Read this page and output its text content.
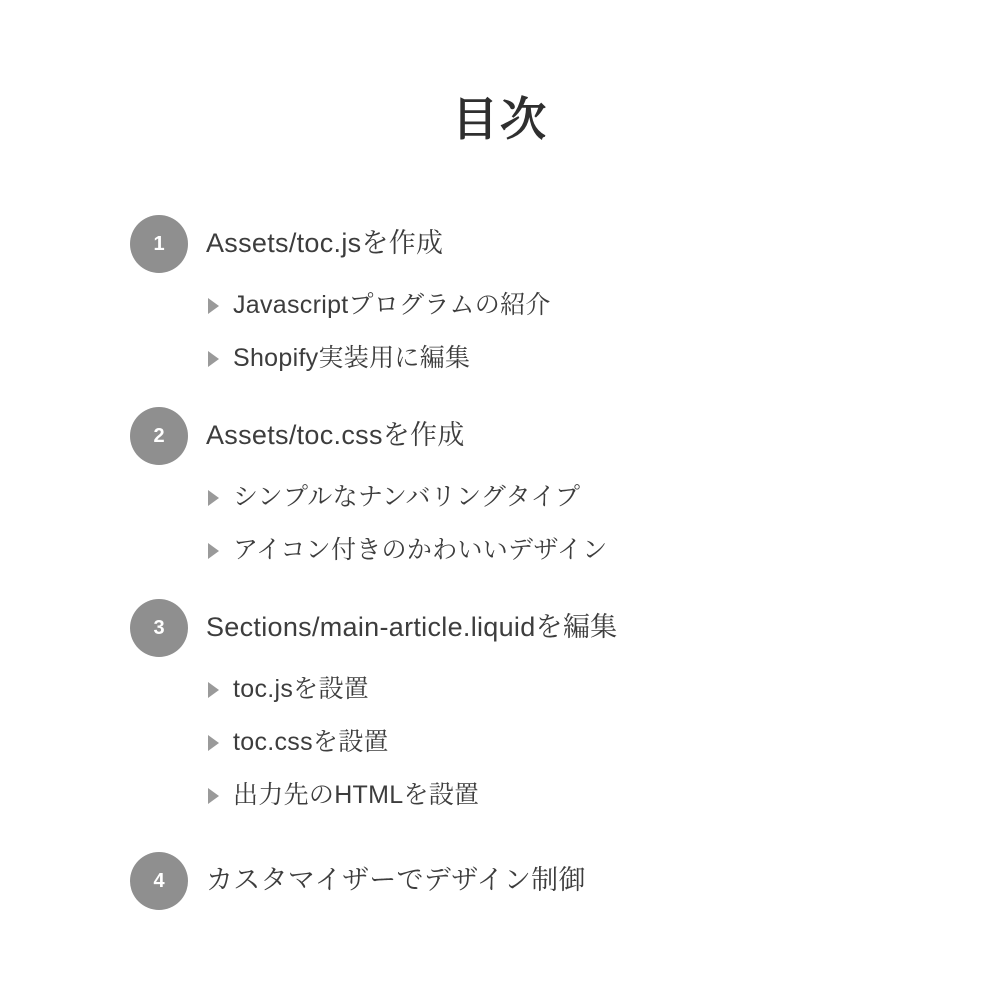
目次
1	Assets/toc.jsを作成
Javascriptプログラムの紹介
Shopify実装用に編集
2	Assets/toc.cssを作成
シンプルなナンバリングタイプ
アイコン付きのかわいいデザイン
3	Sections/main-article.liquidを編集
toc.jsを設置
toc.cssを設置
出力先のHTMLを設置
4	カスタマイザーでデザイン制御
